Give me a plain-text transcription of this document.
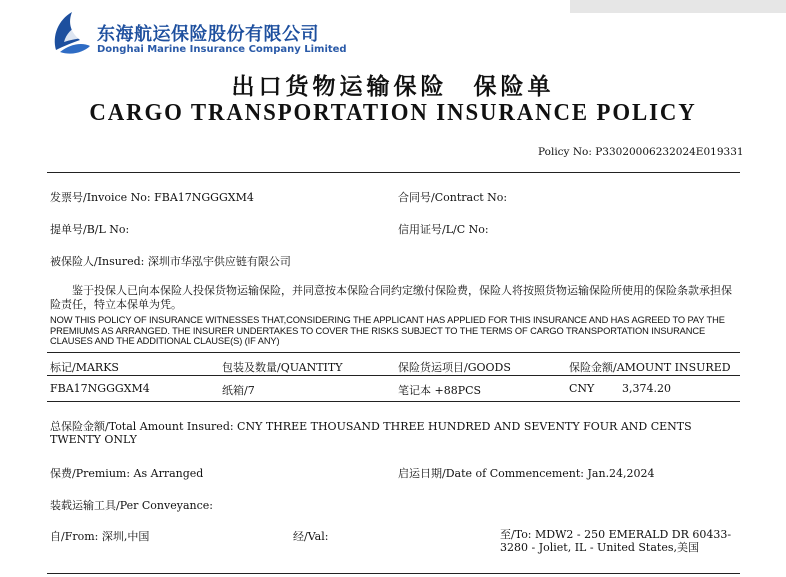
东海航运保险股份有限公司
Donghai Marine Insurance Company Limited
出口货物运输保险 保险单
CARGO TRANSPORTATION INSURANCE POLICY
Policy No: P33020006232024E019331
发票号/Invoice No: FBA17NGGGXM4	合同号/Contract No:
提单号/B/L No:	信用证号/L/C No:
被保险人/Insured: 深圳市华泓宇供应链有限公司
鉴于投保人已向本保险人投保货物运输保险，并同意按本保险合同约定缴付保险费，保险人将按照货物运输保险所使用的保险条款承担保险责任，特立本保单为凭。
NOW THIS POLICY OF INSURANCE WITNESSES THAT,CONSIDERING THE APPLICANT HAS APPLIED FOR THIS INSURANCE AND HAS AGREED TO PAY THE PREMIUMS AS ARRANGED. THE INSURER UNDERTAKES TO COVER THE RISKS SUBJECT TO THE TERMS OF CARGO TRANSPORTATION INSURANCE CLAUSES AND THE ADDITIONAL CLAUSE(S) (IF ANY)
标记/MARKS	包装及数量/QUANTITY	保险货运项目/GOODS	保险金额/AMOUNT INSURED
FBA17NGGGXM4	纸箱/7	笔记本 +88PCS	CNY	3,374.20
总保险金额/Total Amount Insured: CNY THREE THOUSAND THREE HUNDRED AND SEVENTY FOUR AND CENTS TWENTY ONLY
保费/Premium: As Arranged	启运日期/Date of Commencement: Jan.24,2024
装载运输工具/Per Conveyance:
自/From: 深圳,中国	经/Val:	至/To: MDW2 - 250 EMERALD DR 60433-3280 - Joliet, IL - United States,美国
